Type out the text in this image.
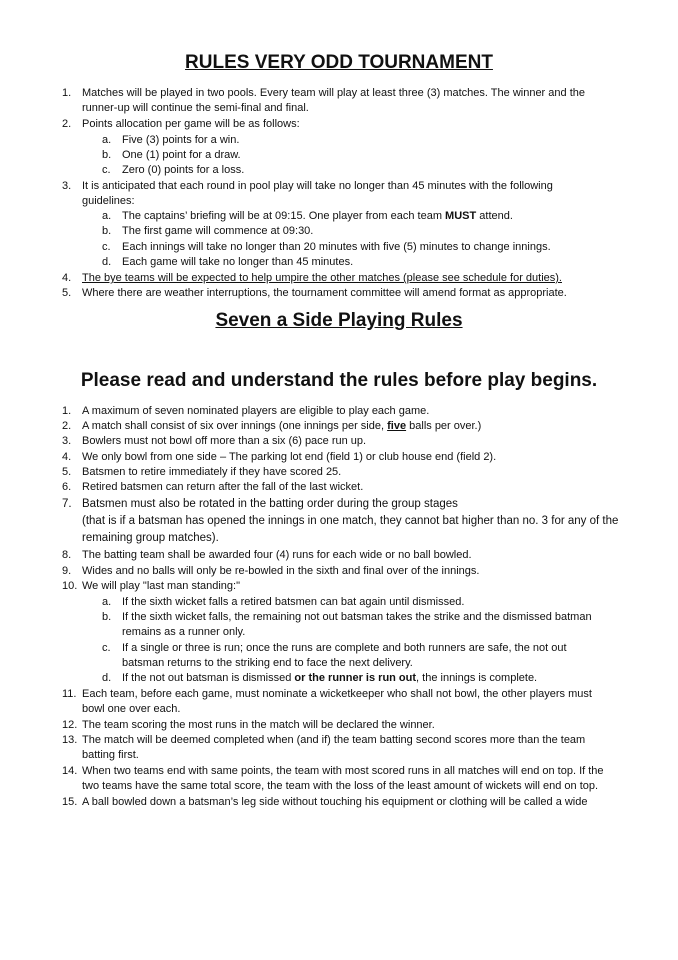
RULES VERY ODD TOURNAMENT
1. Matches will be played in two pools. Every team will play at least three (3) matches. The winner and the
runner-up will continue the semi-final and final.
2. Points allocation per game will be as follows:
a. Five (3) points for a win.
b. One (1) point for a draw.
c. Zero (0) points for a loss.
3. It is anticipated that each round in pool play will take no longer than 45 minutes with the following
guidelines:
a. The captains’ briefing will be at 09:15. One player from each team MUST attend.
b. The first game will commence at 09:30.
c. Each innings will take no longer than 20 minutes with five (5) minutes to change innings.
d. Each game will take no longer than 45 minutes.
4. The bye teams will be expected to help umpire the other matches (please see schedule for duties).
5. Where there are weather interruptions, the tournament committee will amend format as appropriate.
Seven a Side Playing Rules
Please read and understand the rules before play begins.
1. A maximum of seven nominated players are eligible to play each game.
2. A match shall consist of six over innings (one innings per side, five balls per over.)
3. Bowlers must not bowl off more than a six (6) pace run up.
4. We only bowl from one side – The parking lot end (field 1) or club house end (field 2).
5. Batsmen to retire immediately if they have scored 25.
6. Retired batsmen can return after the fall of the last wicket.
7. Batsmen must also be rotated in the batting order during the group stages
(that is if a batsman has opened the innings in one match, they cannot bat higher than no. 3 for any of the
remaining group matches).
8. The batting team shall be awarded four (4) runs for each wide or no ball bowled.
9. Wides and no balls will only be re-bowled in the sixth and final over of the innings.
10. We will play "last man standing:"
a. If the sixth wicket falls a retired batsmen can bat again until dismissed.
b. If the sixth wicket falls, the remaining not out batsman takes the strike and the dismissed batman
remains as a runner only.
c. If a single or three is run; once the runs are complete and both runners are safe, the not out
batsman returns to the striking end to face the next delivery.
d. If the not out batsman is dismissed or the runner is run out, the innings is complete.
11. Each team, before each game, must nominate a wicketkeeper who shall not bowl, the other players must
bowl one over each.
12. The team scoring the most runs in the match will be declared the winner.
13. The match will be deemed completed when (and if) the team batting second scores more than the team
batting first.
14. When two teams end with same points, the team with most scored runs in all matches will end on top. If the
two teams have the same total score, the team with the loss of the least amount of wickets will end on top.
15. A ball bowled down a batsman’s leg side without touching his equipment or clothing will be called a wide
